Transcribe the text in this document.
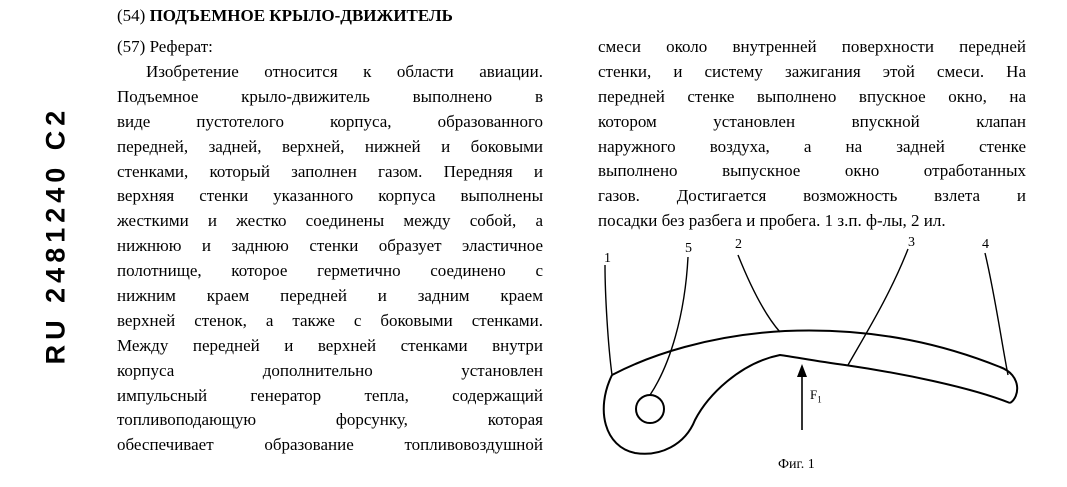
RU 2481240 C2
(54) ПОДЪЕМНОЕ КРЫЛО-ДВИЖИТЕЛЬ
(57) Реферат:
Изобретение относится к области авиации.
Подъемное крыло-движитель выполнено в
виде пустотелого корпуса, образованного
передней, задней, верхней, нижней и боковыми
стенками, который заполнен газом. Передняя и
верхняя стенки указанного корпуса выполнены
жесткими и жестко соединены между собой, а
нижнюю и заднюю стенки образует эластичное
полотнище, которое герметично соединено с
нижним краем передней и задним краем
верхней стенок, а также с боковыми стенками.
Между передней и верхней стенками внутри
корпуса дополнительно установлен
импульсный генератор тепла, содержащий
топливоподающую форсунку, которая
обеспечивает образование топливовоздушной
смеси около внутренней поверхности передней
стенки, и систему зажигания этой смеси. На
передней стенке выполнено впускное окно, на
котором установлен впускной клапан
наружного воздуха, а на задней стенке
выполнено выпускное окно отработанных
газов. Достигается возможность взлета и
посадки без разбега и пробега. 1 з.п. ф-лы, 2 ил.
1
5	2	3	4
$F_1$
Фиг. 1
